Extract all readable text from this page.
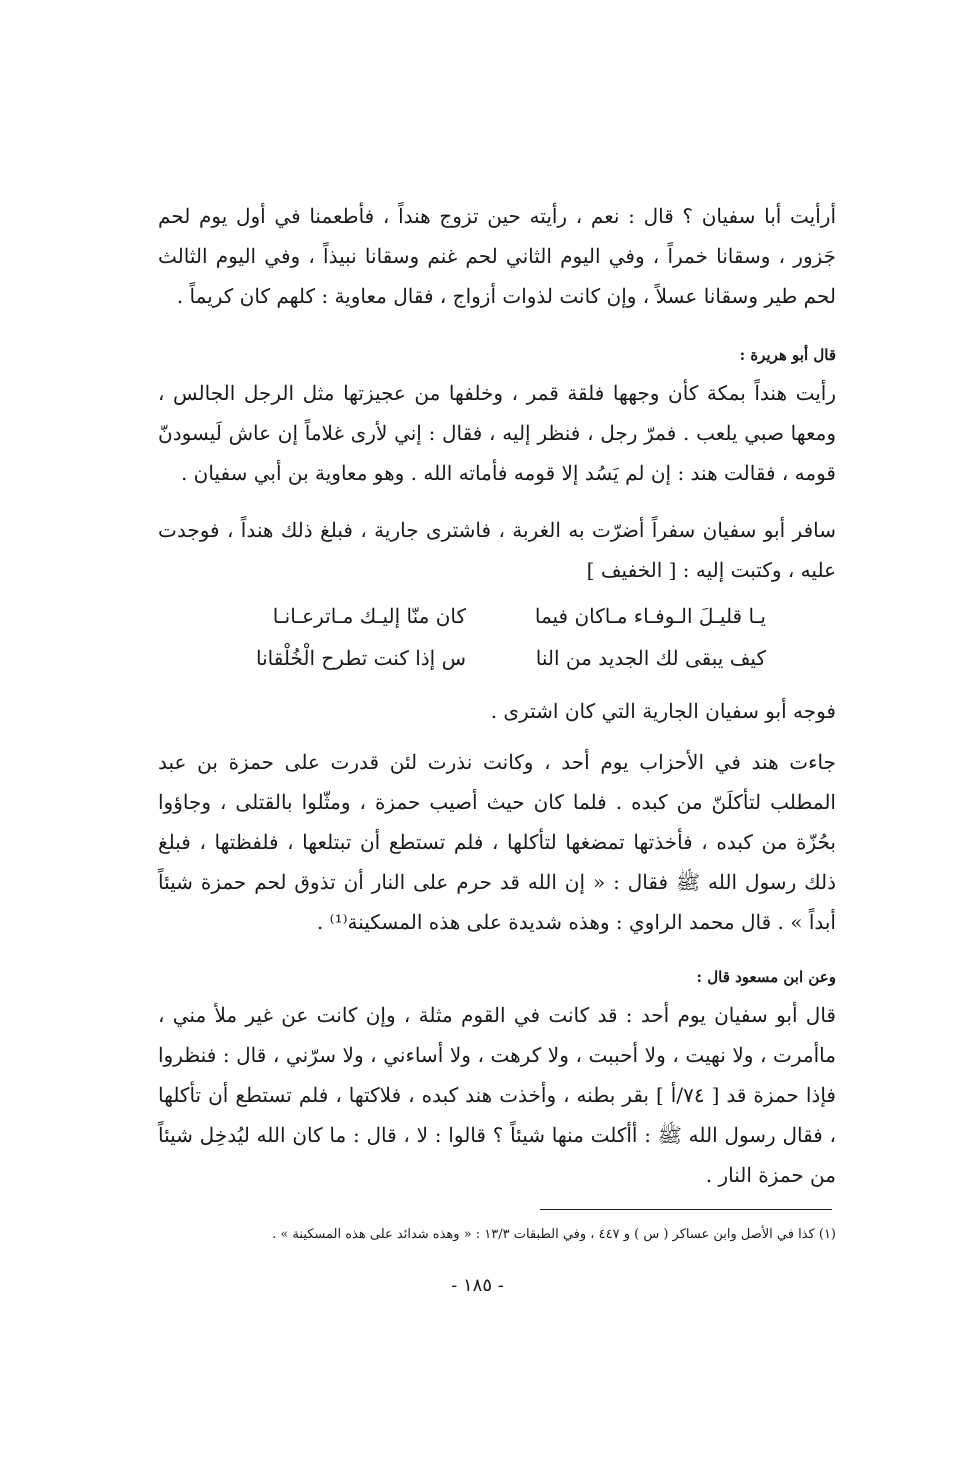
أرأيت أبا سفيان ؟ قال : نعم ، رأيته حين تزوج هنداً ، فأطعمنا في أول يوم لحم جَزور ، وسقانا خمراً ، وفي اليوم الثاني لحم غنم وسقانا نبيذاً ، وفي اليوم الثالث لحم طير وسقانا عسلاً ، وإن كانت لذوات أزواج ، فقال معاوية : كلهم كان كريماً .

قال أبو هريرة :

رأيت هنداً بمكة كأن وجهها فلقة قمر ، وخلفها من عجيزتها مثل الرجل الجالس ، ومعها صبي يلعب . فمرّ رجل ، فنظر إليه ، فقال : إني لأرى غلاماً إن عاش لَيسودنّ قومه ، فقالت هند : إن لم يَسُد إلا قومه فأماته الله . وهو معاوية بن أبي سفيان .

سافر أبو سفيان سفراً أضرّت به الغربة ، فاشترى جارية ، فبلغ ذلك هنداً ، فوجدت عليه ، وكتبت إليه : [ الخفيف ]

يـا قليـلَ الـوفـاء مـاكان فيما
كان منّا إليـك مـاترعـانـا
كيف يبقى لك الجديد من النا
س إذا كنت تطرح الْخُلْقانا

فوجه أبو سفيان الجارية التي كان اشترى .

جاءت هند في الأحزاب يوم أحد ، وكانت نذرت لئن قدرت على حمزة بن عبد المطلب لتأكلَنّ من كبده . فلما كان حيث أصيب حمزة ، ومثّلوا بالقتلى ، وجاؤوا بحُزّة من كبده ، فأخذتها تمضغها لتأكلها ، فلم تستطع أن تبتلعها ، فلفظتها ، فبلغ ذلك رسول الله ﷺ فقال : « إن الله قد حرم على النار أن تذوق لحم حمزة شيئاً أبداً » . قال محمد الراوي : وهذه شديدة على هذه المسكينة⁽¹⁾ .

وعن ابن مسعود قال :

قال أبو سفيان يوم أحد : قد كانت في القوم مثلة ، وإن كانت عن غير ملأ مني ، ماأمرت ، ولا نهيت ، ولا أحببت ، ولا كرهت ، ولا أساءني ، ولا سرّني ، قال : فنظروا فإذا حمزة قد [ ٧٤/أ ] بقر بطنه ، وأخذت هند كبده ، فلاكتها ، فلم تستطع أن تأكلها ، فقال رسول الله ﷺ : أأكلت منها شيئاً ؟ قالوا : لا ، قال : ما كان الله ليُدخِل شيئاً من حمزة النار .

(١) كذا في الأصل وابن عساكر ( س ) و ٤٤٧ ، وفي الطبقات ١٣/٣ : « وهذه شدائد على هذه المسكينة » .

- ١٨٥ -
